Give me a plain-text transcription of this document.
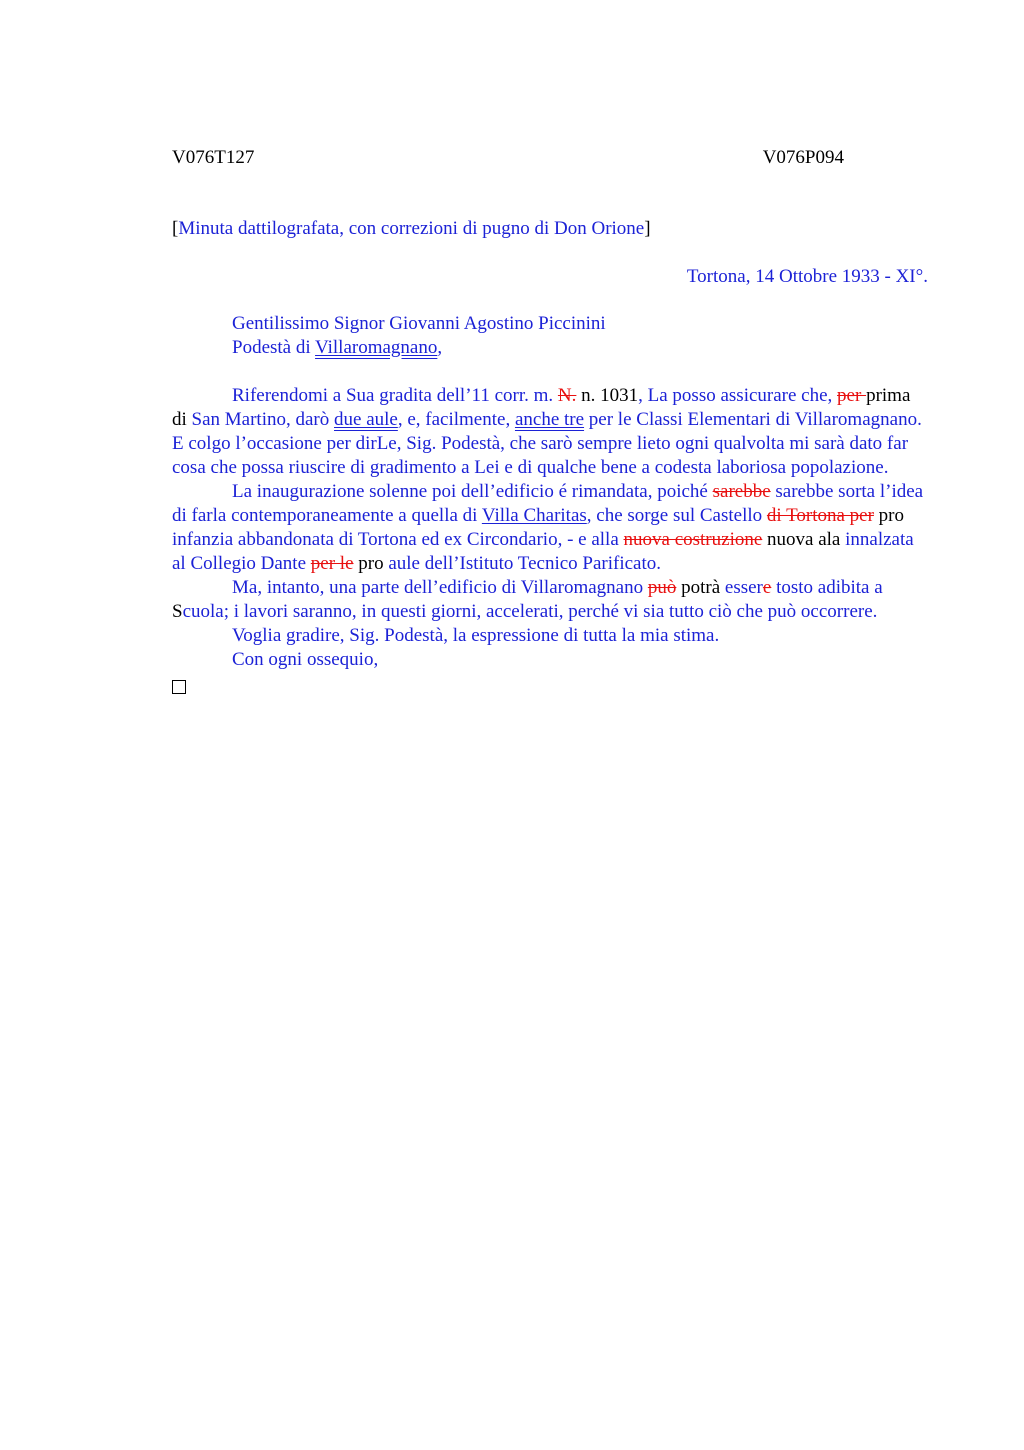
V076T127	V076P094
[Minuta dattilografata, con correzioni di pugno di Don Orione]
Tortona, 14 Ottobre 1933 - XI°.
Gentilissimo Signor Giovanni Agostino Piccinini
Podestà di Villaromagnano,

Riferendomi a Sua gradita dell’11 corr. m. N. n. 1031, La posso assicurare che, per prima di San Martino, darò due aule, e, facilmente, anche tre per le Classi Elementari di Villaromagnano. E colgo l’occasione per dirLe, Sig. Podestà, che sarò sempre lieto ogni qualvolta mi sarà dato far cosa che possa riuscire di gradimento a Lei e di qualche bene a codesta laboriosa popolazione.

La inaugurazione solenne poi dell’edificio é rimandata, poiché sarebbe sarebbe sorta l’idea di farla contemporaneamente a quella di Villa Charitas, che sorge sul Castello di Tortona per pro infanzia abbandonata di Tortona ed ex Circondario, - e alla nuova costruzione nuova ala innalzata al Collegio Dante per le pro aule dell’Istituto Tecnico Parificato.

Ma, intanto, una parte dell’edificio di Villaromagnano può potrà essere tosto adibita a Scuola; i lavori saranno, in questi giorni, accelerati, perché vi sia tutto ciò che può occorrere.

Voglia gradire, Sig. Podestà, la espressione di tutta la mia stima.
Con ogni ossequio,
